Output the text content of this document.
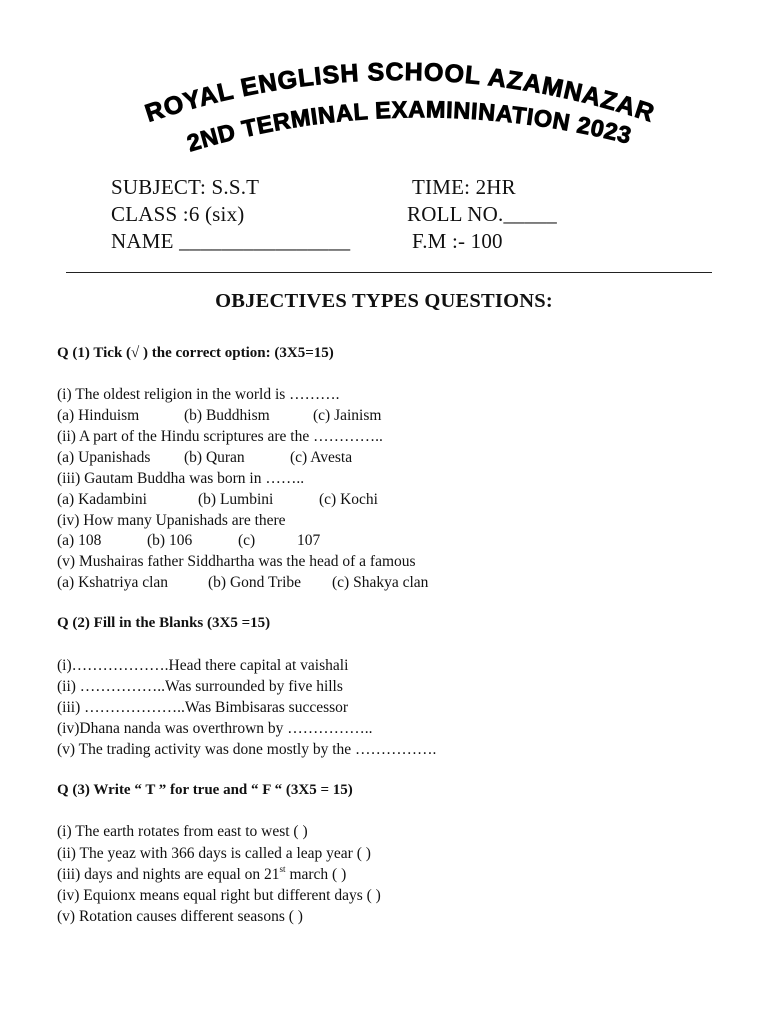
ROYAL ENGLISH SCHOOL AZAMNAZAR
2ND TERMINAL EXAMININATION 2023
SUBJECT: S.S.T	TIME: 2HR
CLASS :6 (six)	ROLL NO._____
NAME ________________	F.M :- 100
OBJECTIVES TYPES QUESTIONS:
Q (1) Tick (√ ) the correct option: (3X5=15)
(i) The oldest religion in the world is ……….
(a) Hinduism	(b) Buddhism	(c) Jainism
(ii) A part of the Hindu scriptures are the …………..
(a) Upanishads (b) Quran	(c) Avesta
(iii) Gautam Buddha was born in ……..
(a) Kadambini	(b) Lumbini	(c) Kochi
(iv) How many Upanishads are there
(a) 108	(b) 106	(c)	107
(v) Mushairas father Siddhartha was the head of a famous
(a) Kshatriya clan	(b) Gond Tribe (c) Shakya clan
Q (2) Fill in the Blanks (3X5 =15)
(i)……………….Head there capital at vaishali
(ii) ……………..Was surrounded by five hills
(iii) ………………..Was Bimbisaras successor
(iv)Dhana nanda was overthrown by ……………..
(v) The trading activity was done mostly by the …………….
Q (3) Write “ T ” for true and “ F “ (3X5 = 15)
(i) The earth rotates from east to west ( )
(ii) The yeaz with 366 days is called a leap year ( )
(iii) days and nights are equal on 21st march ( )
(iv) Equionx means equal right but different days ( )
(v) Rotation causes different seasons ( )
